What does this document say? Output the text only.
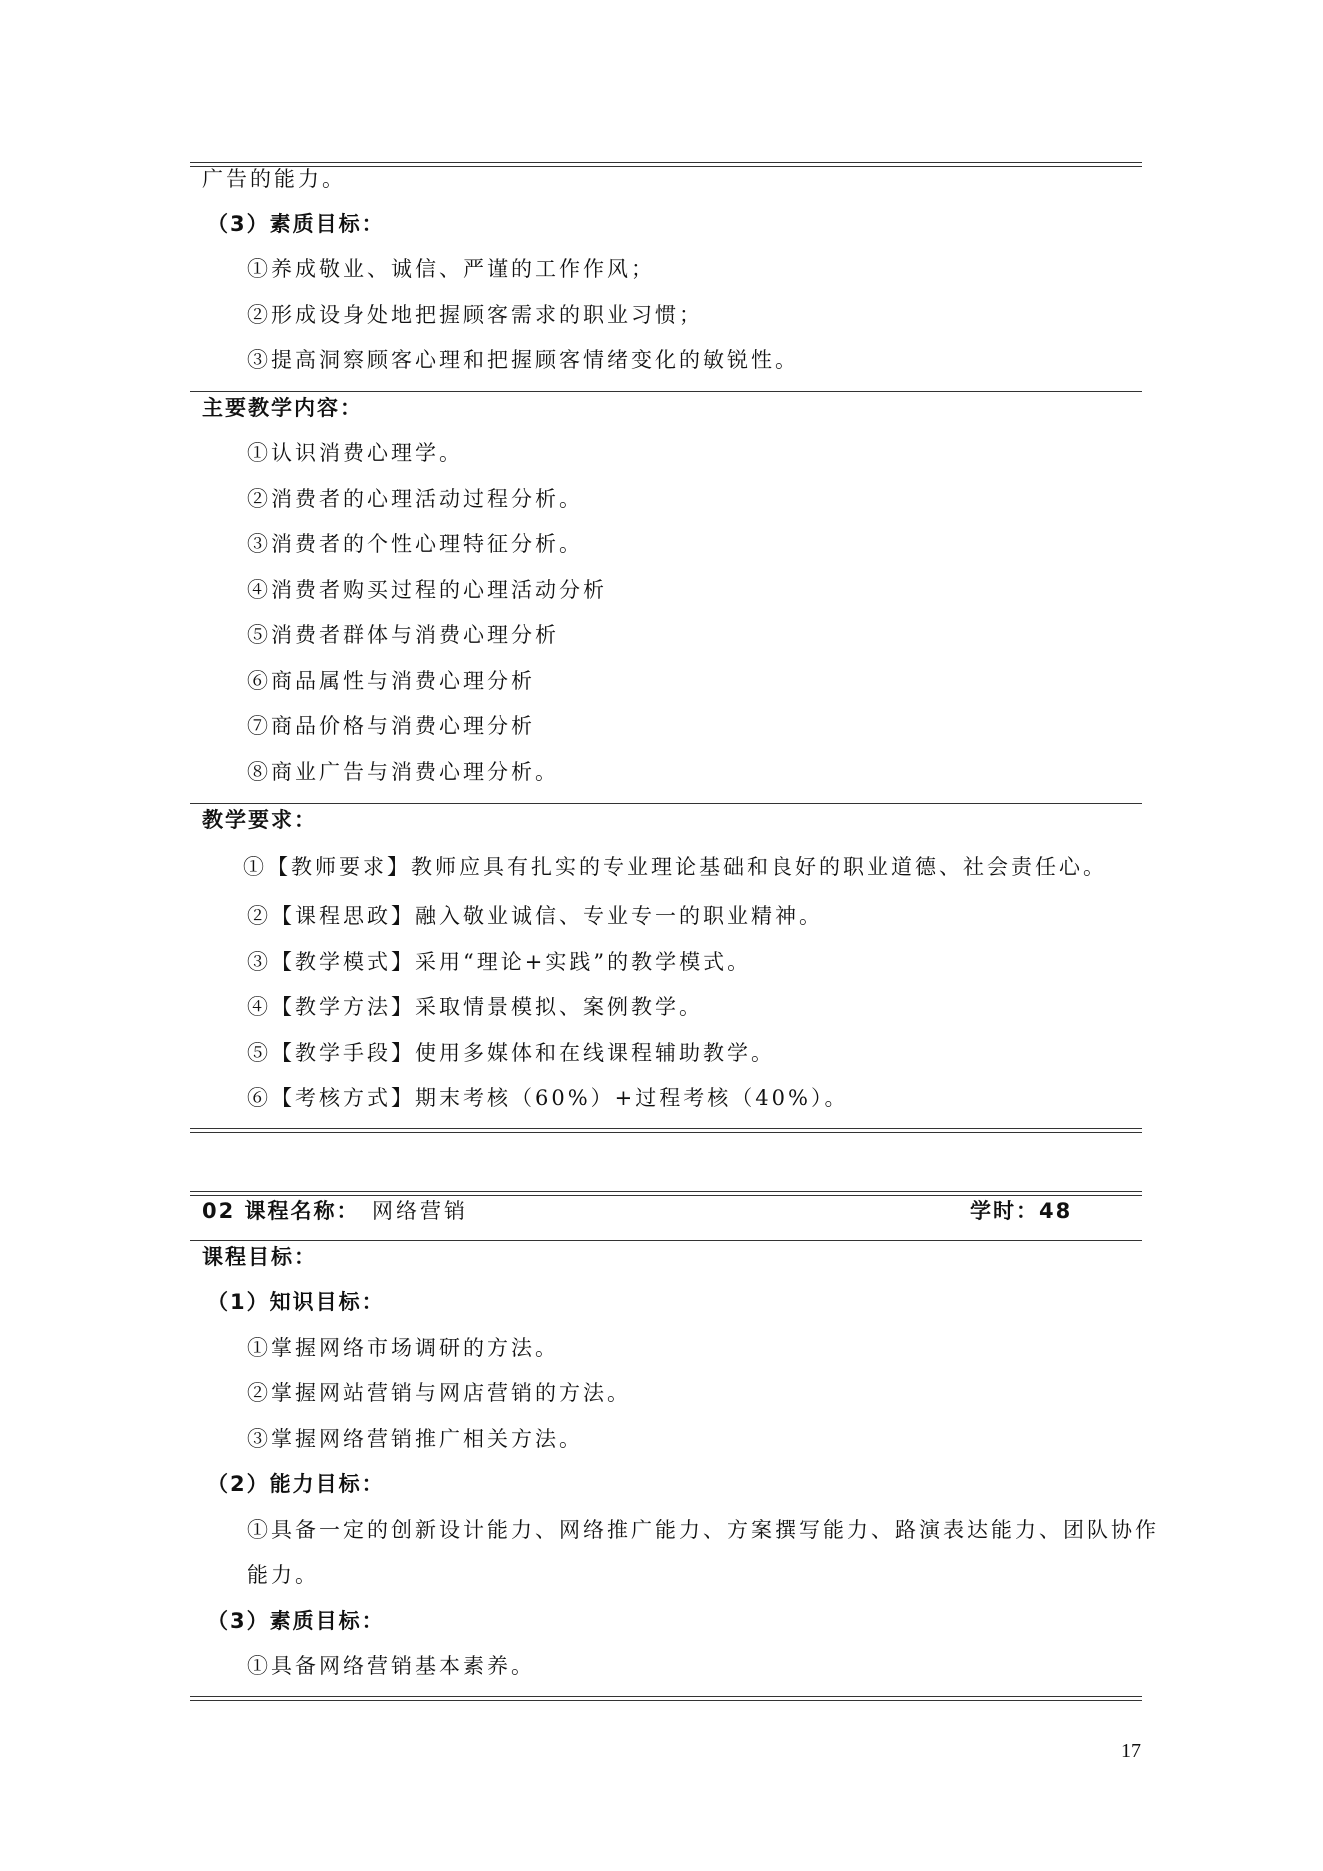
广告的能力。
（3）素质目标：
①养成敬业、诚信、严谨的工作作风；
②形成设身处地把握顾客需求的职业习惯；
③提高洞察顾客心理和把握顾客情绪变化的敏锐性。
主要教学内容：
①认识消费心理学。
②消费者的心理活动过程分析。
③消费者的个性心理特征分析。
④消费者购买过程的心理活动分析
⑤消费者群体与消费心理分析
⑥商品属性与消费心理分析
⑦商品价格与消费心理分析
⑧商业广告与消费心理分析。
教学要求：
①【教师要求】教师应具有扎实的专业理论基础和良好的职业道德、社会责任心。
②【课程思政】融入敬业诚信、专业专一的职业精神。
③【教学模式】采用“理论+实践”的教学模式。
④【教学方法】采取情景模拟、案例教学。
⑤【教学手段】使用多媒体和在线课程辅助教学。
⑥【考核方式】期末考核（60%）+过程考核（40%）。
02 课程名称： 网络营销	学时：48
课程目标：
（1）知识目标：
①掌握网络市场调研的方法。
②掌握网站营销与网店营销的方法。
③掌握网络营销推广相关方法。
（2）能力目标：
①具备一定的创新设计能力、网络推广能力、方案撰写能力、路演表达能力、团队协作
能力。
（3）素质目标：
①具备网络营销基本素养。
17
